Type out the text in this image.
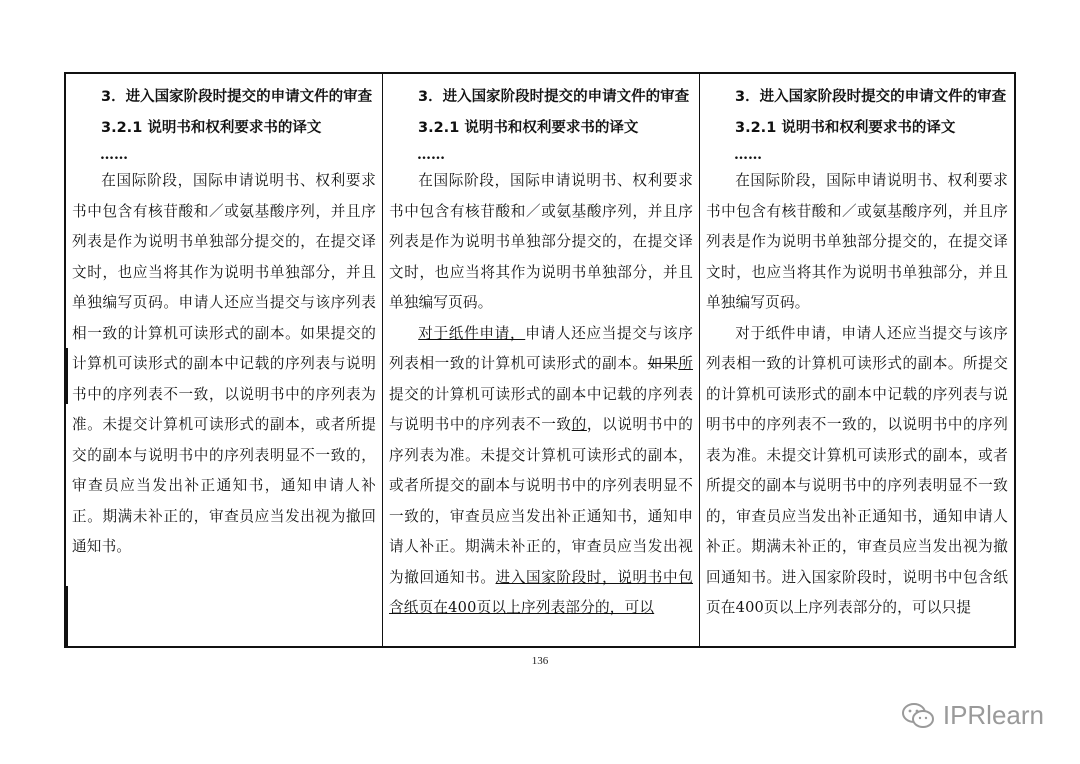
3．进入国家阶段时提交的申请文件的审查

3.2.1 说明书和权利要求书的译文

……

在国际阶段，国际申请说明书、权利要求书中包含有核苷酸和／或氨基酸序列，并且序列表是作为说明书单独部分提交的，在提交译文时，也应当将其作为说明书单独部分，并且单独编写页码。申请人还应当提交与该序列表相一致的计算机可读形式的副本。如果提交的计算机可读形式的副本中记载的序列表与说明书中的序列表不一致，以说明书中的序列表为准。未提交计算机可读形式的副本，或者所提交的副本与说明书中的序列表明显不一致的，审查员应当发出补正通知书，通知申请人补正。期满未补正的，审查员应当发出视为撤回通知书。

3．进入国家阶段时提交的申请文件的审查

3.2.1 说明书和权利要求书的译文

……

在国际阶段，国际申请说明书、权利要求书中包含有核苷酸和／或氨基酸序列，并且序列表是作为说明书单独部分提交的，在提交译文时，也应当将其作为说明书单独部分，并且单独编写页码。

对于纸件申请，申请人还应当提交与该序列表相一致的计算机可读形式的副本。如果所提交的计算机可读形式的副本中记载的序列表与说明书中的序列表不一致的，以说明书中的序列表为准。未提交计算机可读形式的副本，或者所提交的副本与说明书中的序列表明显不一致的，审查员应当发出补正通知书，通知申请人补正。期满未补正的，审查员应当发出视为撤回通知书。进入国家阶段时，说明书中包含纸页在400页以上序列表部分的，可以

3．进入国家阶段时提交的申请文件的审查

3.2.1 说明书和权利要求书的译文

……

在国际阶段，国际申请说明书、权利要求书中包含有核苷酸和／或氨基酸序列，并且序列表是作为说明书单独部分提交的，在提交译文时，也应当将其作为说明书单独部分，并且单独编写页码。

对于纸件申请，申请人还应当提交与该序列表相一致的计算机可读形式的副本。所提交的计算机可读形式的副本中记载的序列表与说明书中的序列表不一致的，以说明书中的序列表为准。未提交计算机可读形式的副本，或者所提交的副本与说明书中的序列表明显不一致的，审查员应当发出补正通知书，通知申请人补正。期满未补正的，审查员应当发出视为撤回通知书。进入国家阶段时，说明书中包含纸页在400页以上序列表部分的，可以只提

136
IPRlearn
